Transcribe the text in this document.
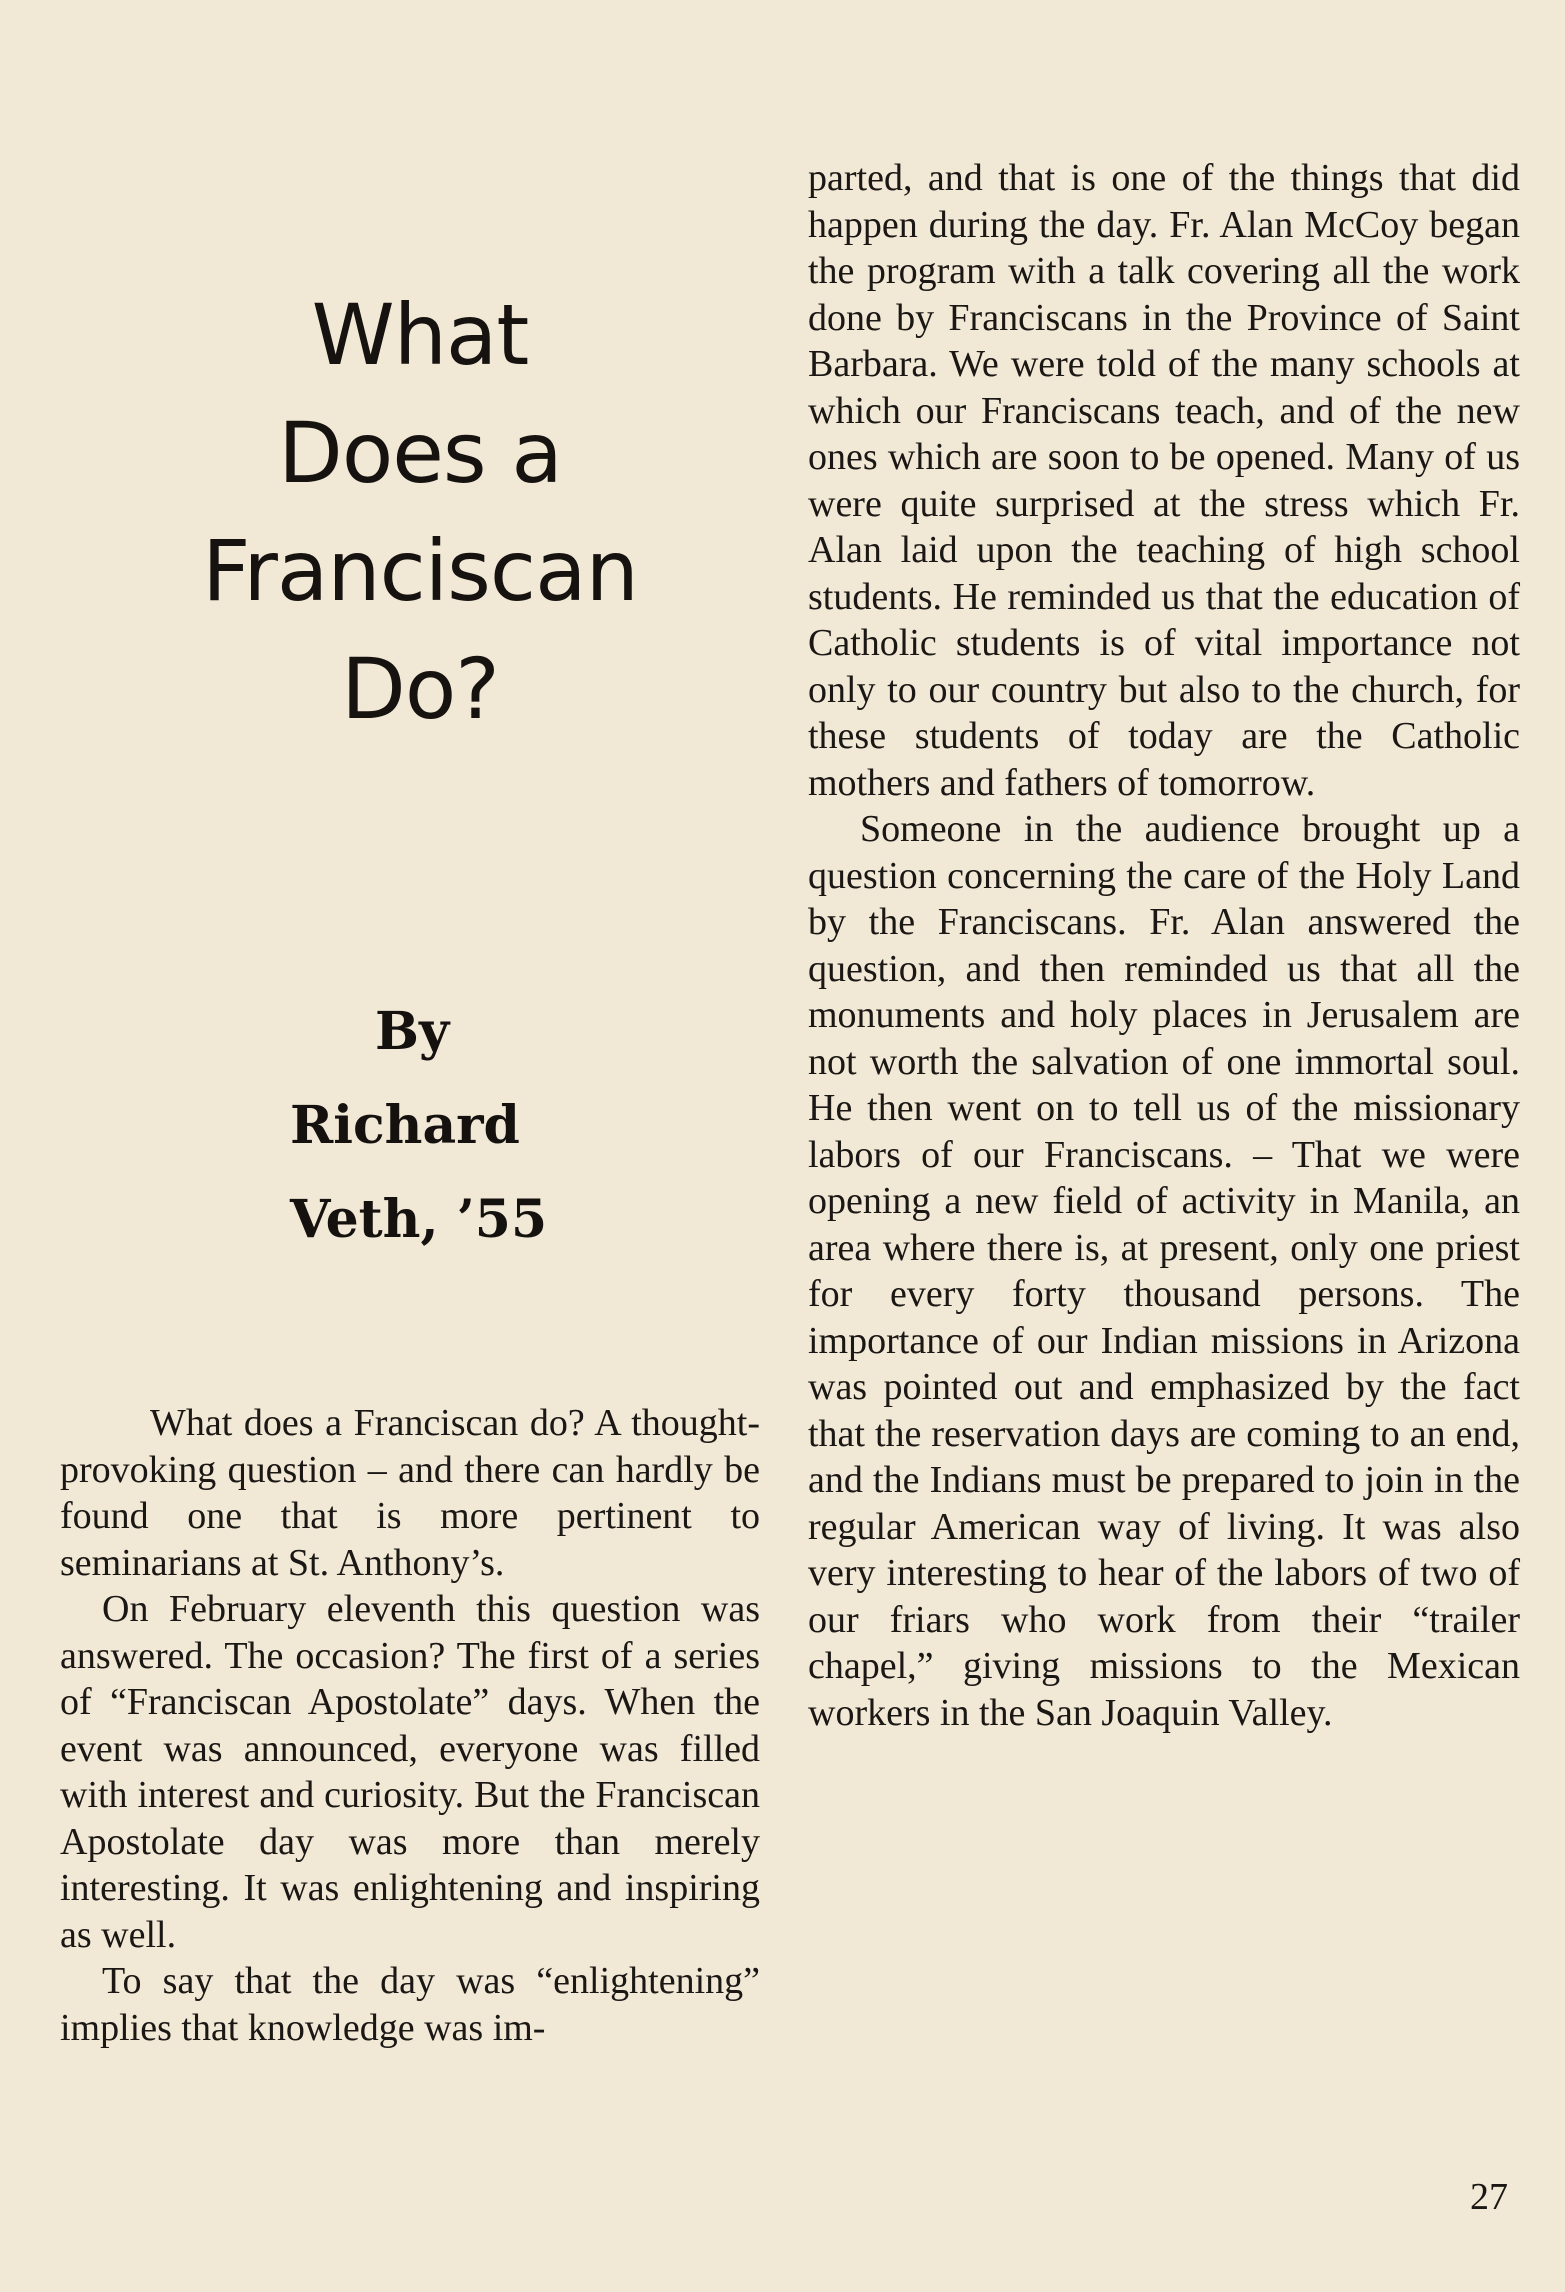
What
Does a
Franciscan
Do?
By
Richard
Veth, ’55

What does a Franciscan do? A thought-provoking question – and there can hardly be found one that is more pertinent to seminarians at St. Anthony’s.

On February eleventh this question was answered. The occasion? The first of a series of “Franciscan Apostolate” days. When the event was announced, everyone was filled with interest and curiosity. But the Franciscan Apostolate day was more than merely interesting. It was enlightening and inspiring as well.

To say that the day was “enlightening” implies that knowledge was im-

parted, and that is one of the things that did happen during the day. Fr. Alan McCoy began the program with a talk covering all the work done by Franciscans in the Province of Saint Barbara. We were told of the many schools at which our Franciscans teach, and of the new ones which are soon to be opened. Many of us were quite surprised at the stress which Fr. Alan laid upon the teaching of high school students. He reminded us that the education of Catholic students is of vital importance not only to our country but also to the church, for these students of today are the Catholic mothers and fathers of tomorrow.

Someone in the audience brought up a question concerning the care of the Holy Land by the Franciscans. Fr. Alan answered the question, and then reminded us that all the monuments and holy places in Jerusalem are not worth the salvation of one immortal soul. He then went on to tell us of the missionary labors of our Franciscans. – That we were opening a new field of activity in Manila, an area where there is, at present, only one priest for every forty thousand persons. The importance of our Indian missions in Arizona was pointed out and emphasized by the fact that the reservation days are coming to an end, and the Indians must be prepared to join in the regular American way of living. It was also very interesting to hear of the labors of two of our friars who work from their “trailer chapel,” giving missions to the Mexican workers in the San Joaquin Valley.

27
